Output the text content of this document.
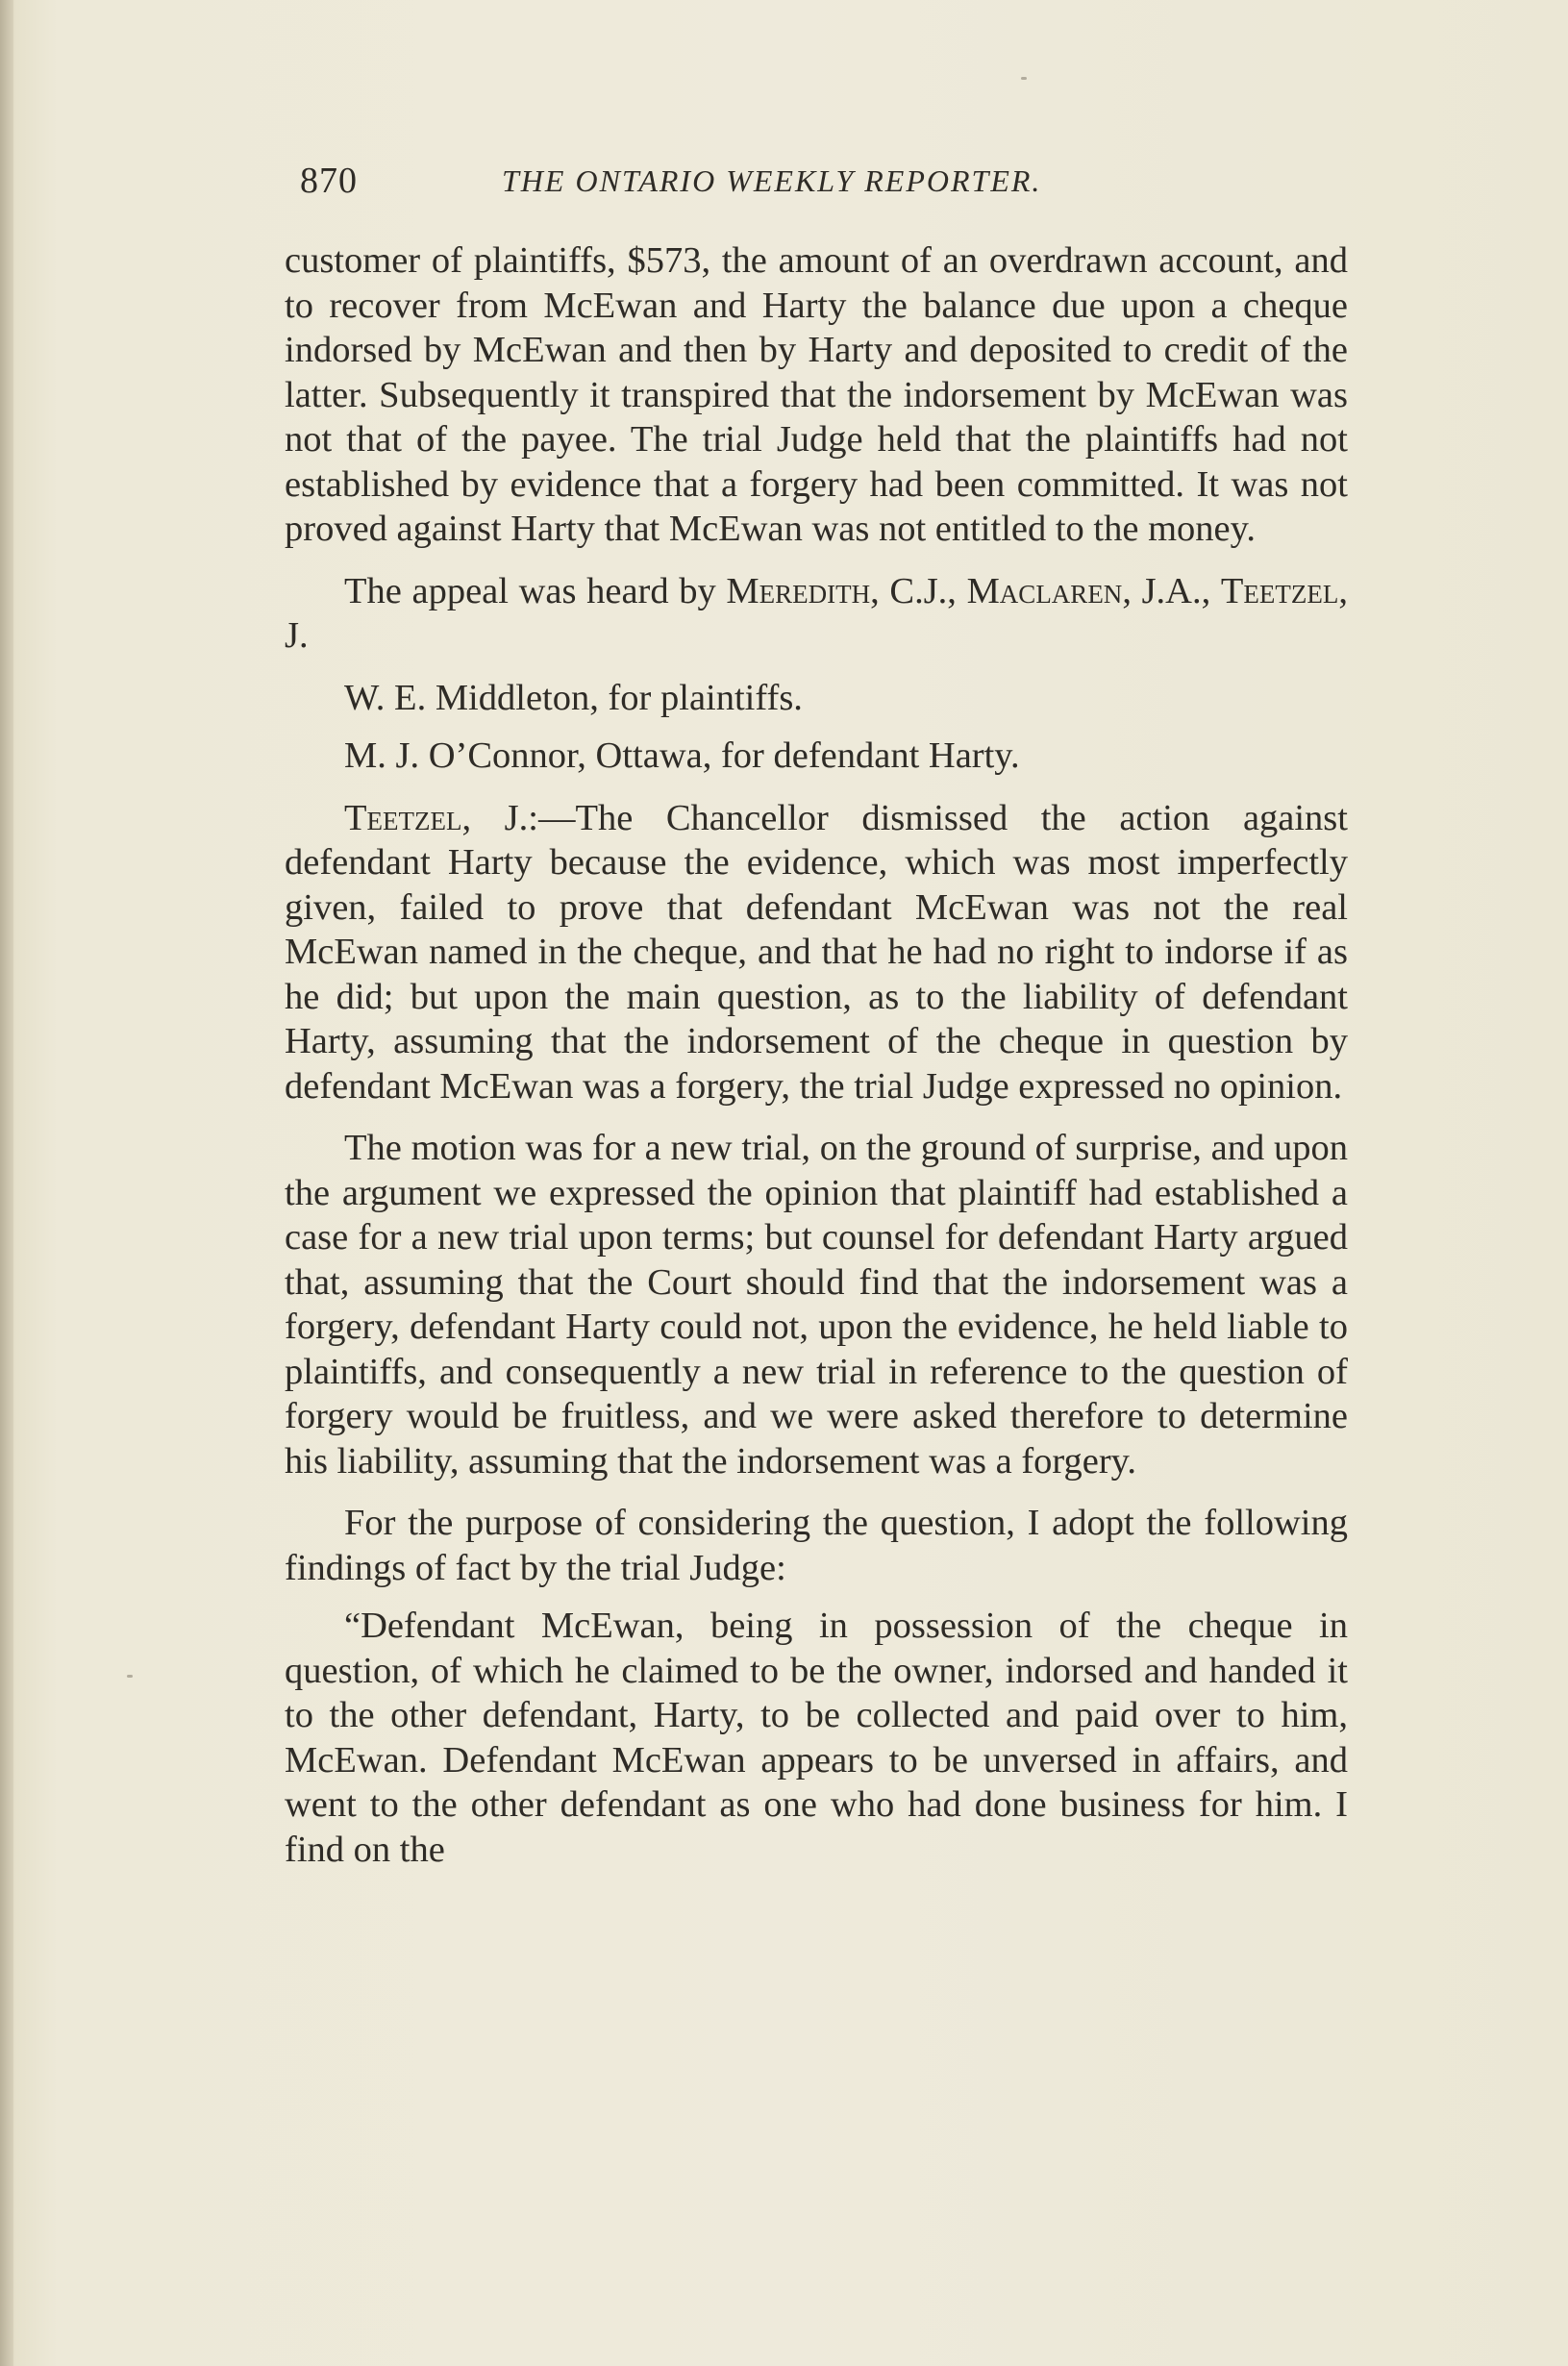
870	THE ONTARIO WEEKLY REPORTER.

customer of plaintiffs, $573, the amount of an overdrawn account, and to recover from McEwan and Harty the balance due upon a cheque indorsed by McEwan and then by Harty and deposited to credit of the latter. Subsequently it transpired that the indorsement by McEwan was not that of the payee. The trial Judge held that the plaintiffs had not established by evidence that a forgery had been committed. It was not proved against Harty that McEwan was not entitled to the money.

The appeal was heard by Meredith, C.J., Maclaren, J.A., Teetzel, J.

W. E. Middleton, for plaintiffs.

M. J. O’Connor, Ottawa, for defendant Harty.

Teetzel, J.:—The Chancellor dismissed the action against defendant Harty because the evidence, which was most imperfectly given, failed to prove that defendant McEwan was not the real McEwan named in the cheque, and that he had no right to indorse if as he did; but upon the main question, as to the liability of defendant Harty, assuming that the indorsement of the cheque in question by defendant McEwan was a forgery, the trial Judge expressed no opinion.

The motion was for a new trial, on the ground of surprise, and upon the argument we expressed the opinion that plaintiff had established a case for a new trial upon terms; but counsel for defendant Harty argued that, assuming that the Court should find that the indorsement was a forgery, defendant Harty could not, upon the evidence, he held liable to plaintiffs, and consequently a new trial in reference to the question of forgery would be fruitless, and we were asked therefore to determine his liability, assuming that the indorsement was a forgery.

For the purpose of considering the question, I adopt the following findings of fact by the trial Judge:

“Defendant McEwan, being in possession of the cheque in question, of which he claimed to be the owner, indorsed and handed it to the other defendant, Harty, to be collected and paid over to him, McEwan. Defendant McEwan appears to be unversed in affairs, and went to the other defendant as one who had done business for him. I find on the
